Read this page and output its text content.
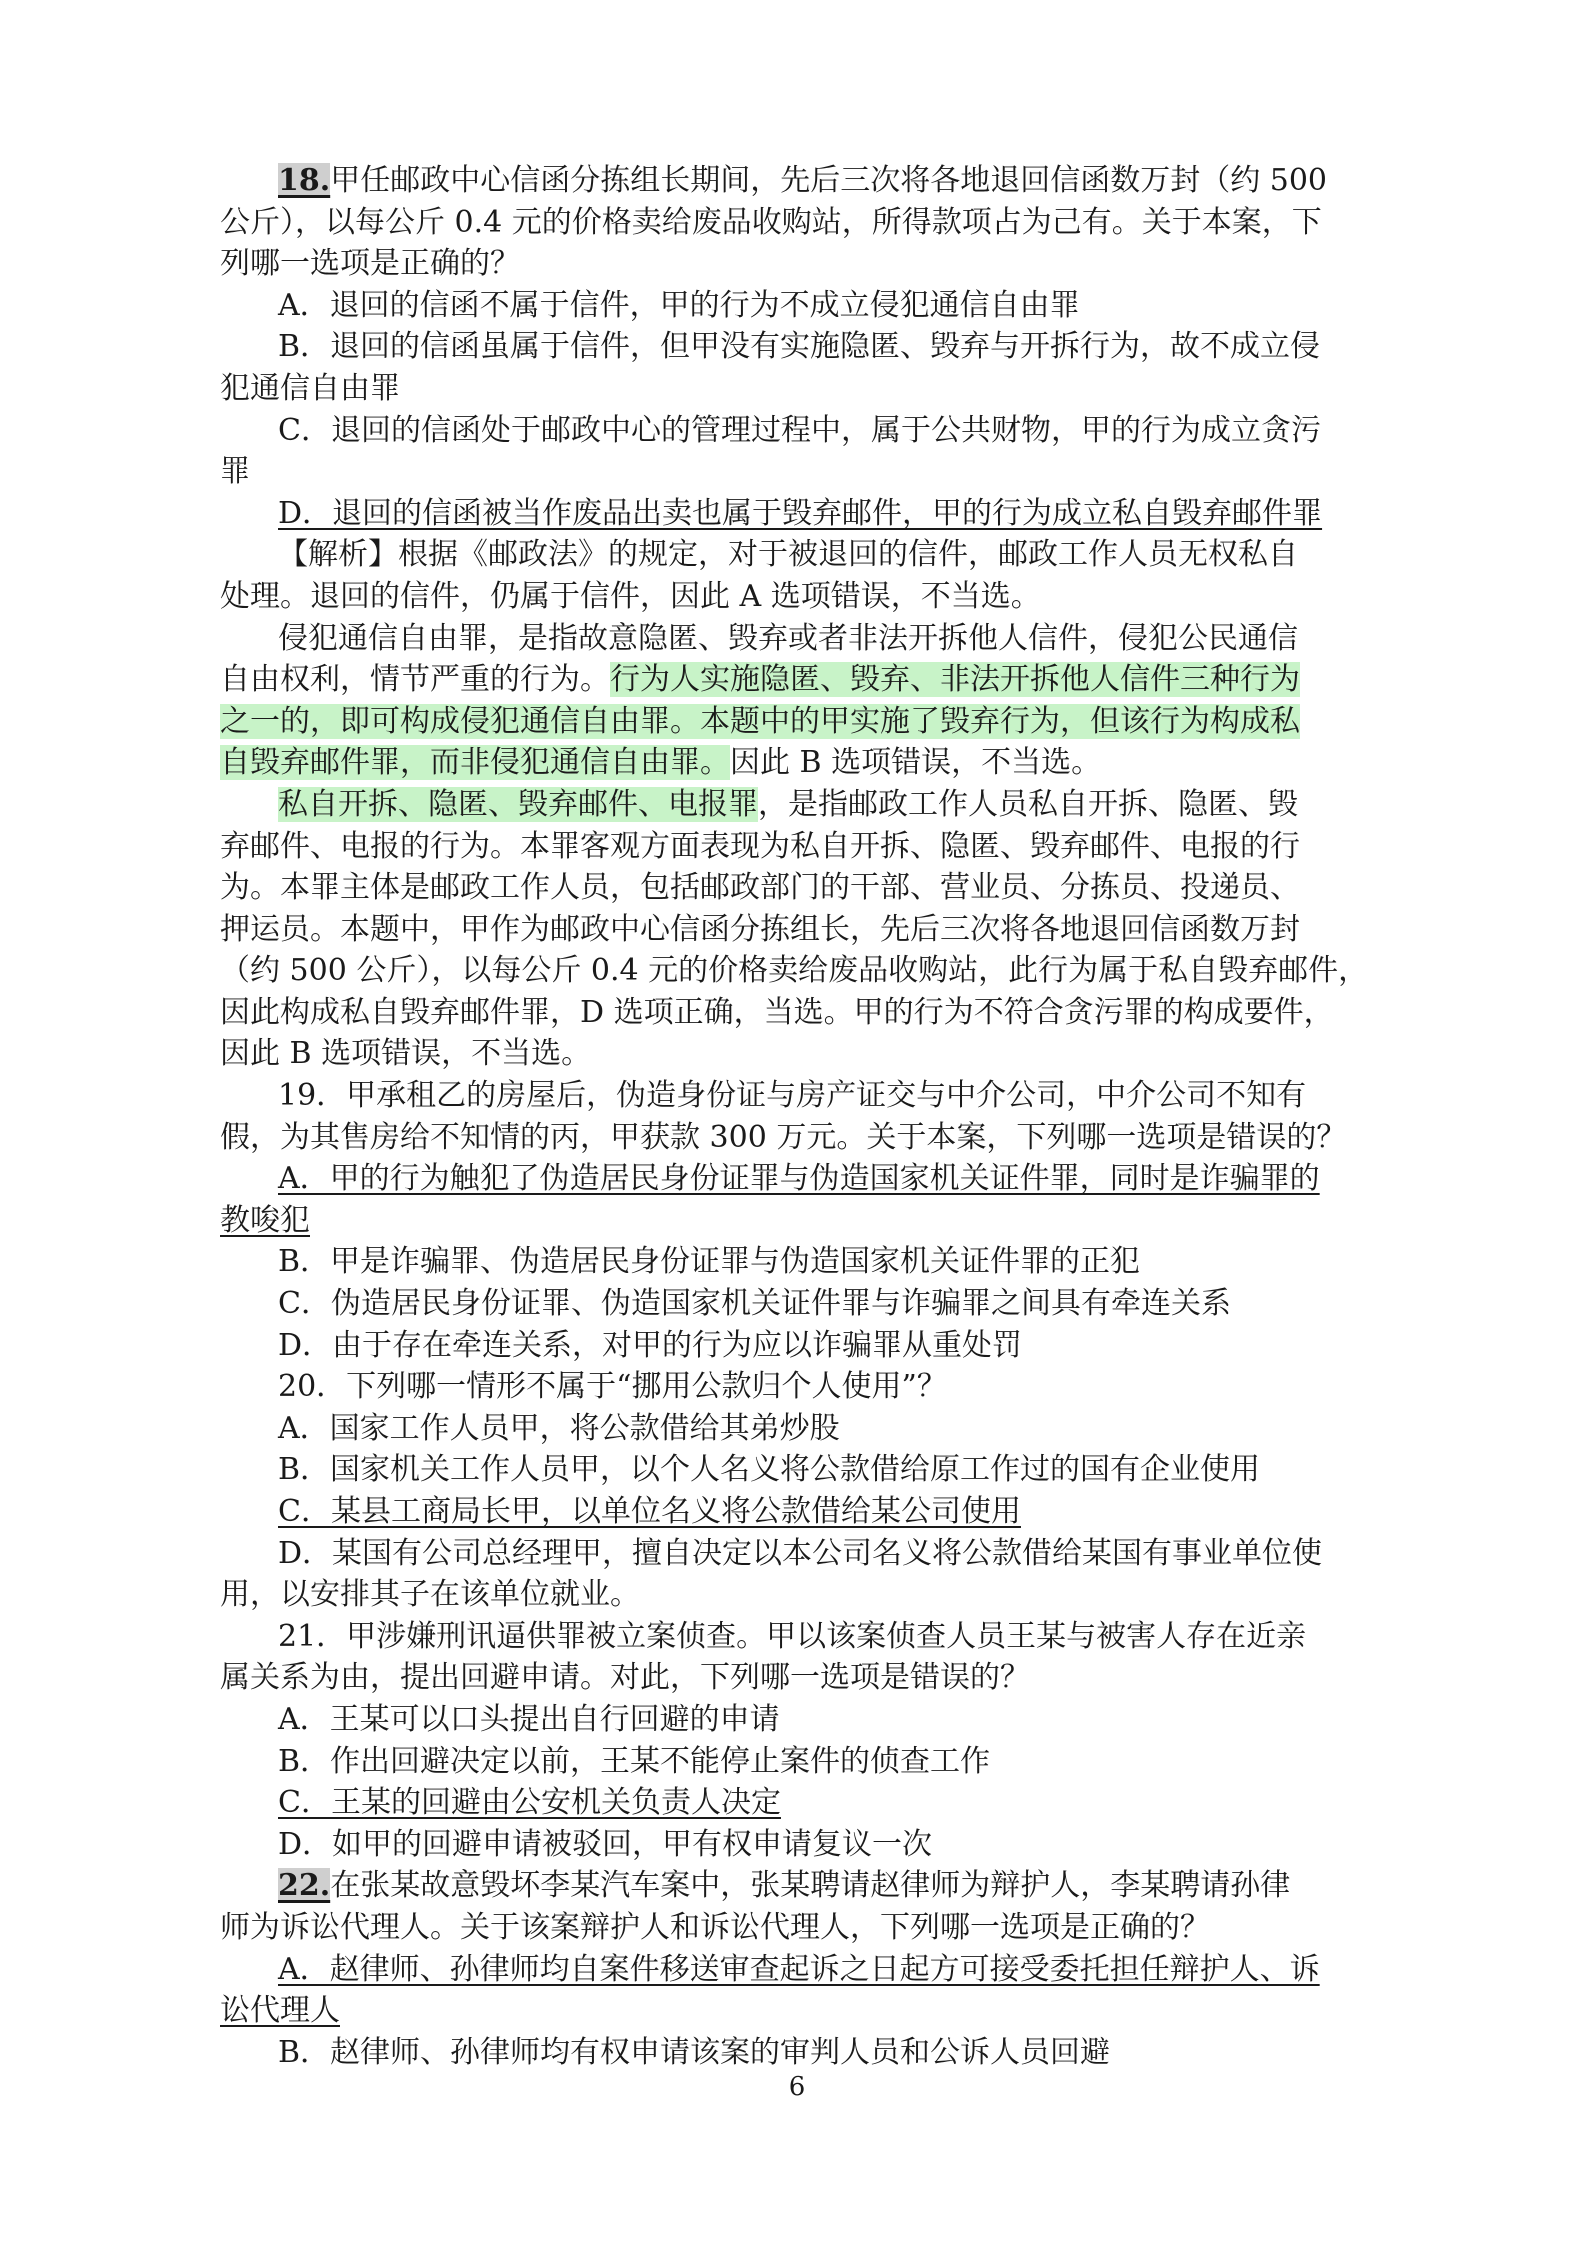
18.甲任邮政中心信函分拣组长期间，先后三次将各地退回信函数万封（约 500
公斤），以每公斤 0.4 元的价格卖给废品收购站，所得款项占为己有。关于本案，下
列哪一选项是正确的？
A．退回的信函不属于信件，甲的行为不成立侵犯通信自由罪
B．退回的信函虽属于信件，但甲没有实施隐匿、毁弃与开拆行为，故不成立侵
犯通信自由罪
C．退回的信函处于邮政中心的管理过程中，属于公共财物，甲的行为成立贪污
罪
D．退回的信函被当作废品出卖也属于毁弃邮件，甲的行为成立私自毁弃邮件罪
【解析】根据《邮政法》的规定，对于被退回的信件，邮政工作人员无权私自
处理。退回的信件，仍属于信件，因此 A 选项错误，不当选。
侵犯通信自由罪，是指故意隐匿、毁弃或者非法开拆他人信件，侵犯公民通信
自由权利，情节严重的行为。行为人实施隐匿、毁弃、非法开拆他人信件三种行为
之一的，即可构成侵犯通信自由罪。本题中的甲实施了毁弃行为，但该行为构成私
自毁弃邮件罪，而非侵犯通信自由罪。因此 B 选项错误，不当选。
私自开拆、隐匿、毁弃邮件、电报罪，是指邮政工作人员私自开拆、隐匿、毁
弃邮件、电报的行为。本罪客观方面表现为私自开拆、隐匿、毁弃邮件、电报的行
为。本罪主体是邮政工作人员，包括邮政部门的干部、营业员、分拣员、投递员、
押运员。本题中，甲作为邮政中心信函分拣组长，先后三次将各地退回信函数万封
（约 500 公斤），以每公斤 0.4 元的价格卖给废品收购站，此行为属于私自毁弃邮件，
因此构成私自毁弃邮件罪，D 选项正确，当选。甲的行为不符合贪污罪的构成要件，
因此 B 选项错误，不当选。
19．甲承租乙的房屋后，伪造身份证与房产证交与中介公司，中介公司不知有
假，为其售房给不知情的丙，甲获款 300 万元。关于本案，下列哪一选项是错误的？
A．甲的行为触犯了伪造居民身份证罪与伪造国家机关证件罪，同时是诈骗罪的
教唆犯
B．甲是诈骗罪、伪造居民身份证罪与伪造国家机关证件罪的正犯
C．伪造居民身份证罪、伪造国家机关证件罪与诈骗罪之间具有牵连关系
D．由于存在牵连关系，对甲的行为应以诈骗罪从重处罚
20．下列哪一情形不属于“挪用公款归个人使用”？
A．国家工作人员甲，将公款借给其弟炒股
B．国家机关工作人员甲，以个人名义将公款借给原工作过的国有企业使用
C．某县工商局长甲，以单位名义将公款借给某公司使用
D．某国有公司总经理甲，擅自决定以本公司名义将公款借给某国有事业单位使
用，以安排其子在该单位就业。
21．甲涉嫌刑讯逼供罪被立案侦查。甲以该案侦查人员王某与被害人存在近亲
属关系为由，提出回避申请。对此，下列哪一选项是错误的？
A．王某可以口头提出自行回避的申请
B．作出回避决定以前，王某不能停止案件的侦查工作
C．王某的回避由公安机关负责人决定
D．如甲的回避申请被驳回，甲有权申请复议一次
22.在张某故意毁坏李某汽车案中，张某聘请赵律师为辩护人，李某聘请孙律
师为诉讼代理人。关于该案辩护人和诉讼代理人，下列哪一选项是正确的？
A．赵律师、孙律师均自案件移送审查起诉之日起方可接受委托担任辩护人、诉
讼代理人
B．赵律师、孙律师均有权申请该案的审判人员和公诉人员回避
6
